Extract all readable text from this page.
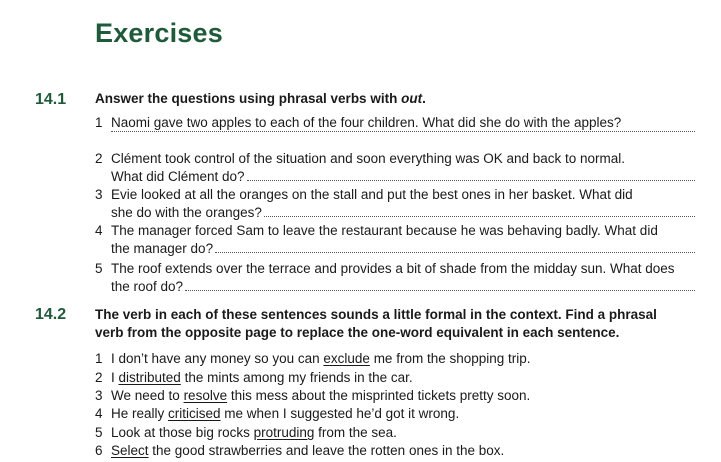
Exercises
14.1 Answer the questions using phrasal verbs with out.
1 Naomi gave two apples to each of the four children. What did she do with the apples?
2 Clément took control of the situation and soon everything was OK and back to normal.
What did Clément do?
3 Evie looked at all the oranges on the stall and put the best ones in her basket. What did
she do with the oranges?
4 The manager forced Sam to leave the restaurant because he was behaving badly. What did
the manager do?
5 The roof extends over the terrace and provides a bit of shade from the midday sun. What does
the roof do?
14.2 The verb in each of these sentences sounds a little formal in the context. Find a phrasal
verb from the opposite page to replace the one-word equivalent in each sentence.
1 I don’t have any money so you can exclude me from the shopping trip.
2 I distributed the mints among my friends in the car.
3 We need to resolve this mess about the misprinted tickets pretty soon.
4 He really criticised me when I suggested he’d got it wrong.
5 Look at those big rocks protruding from the sea.
6 Select the good strawberries and leave the rotten ones in the box.
